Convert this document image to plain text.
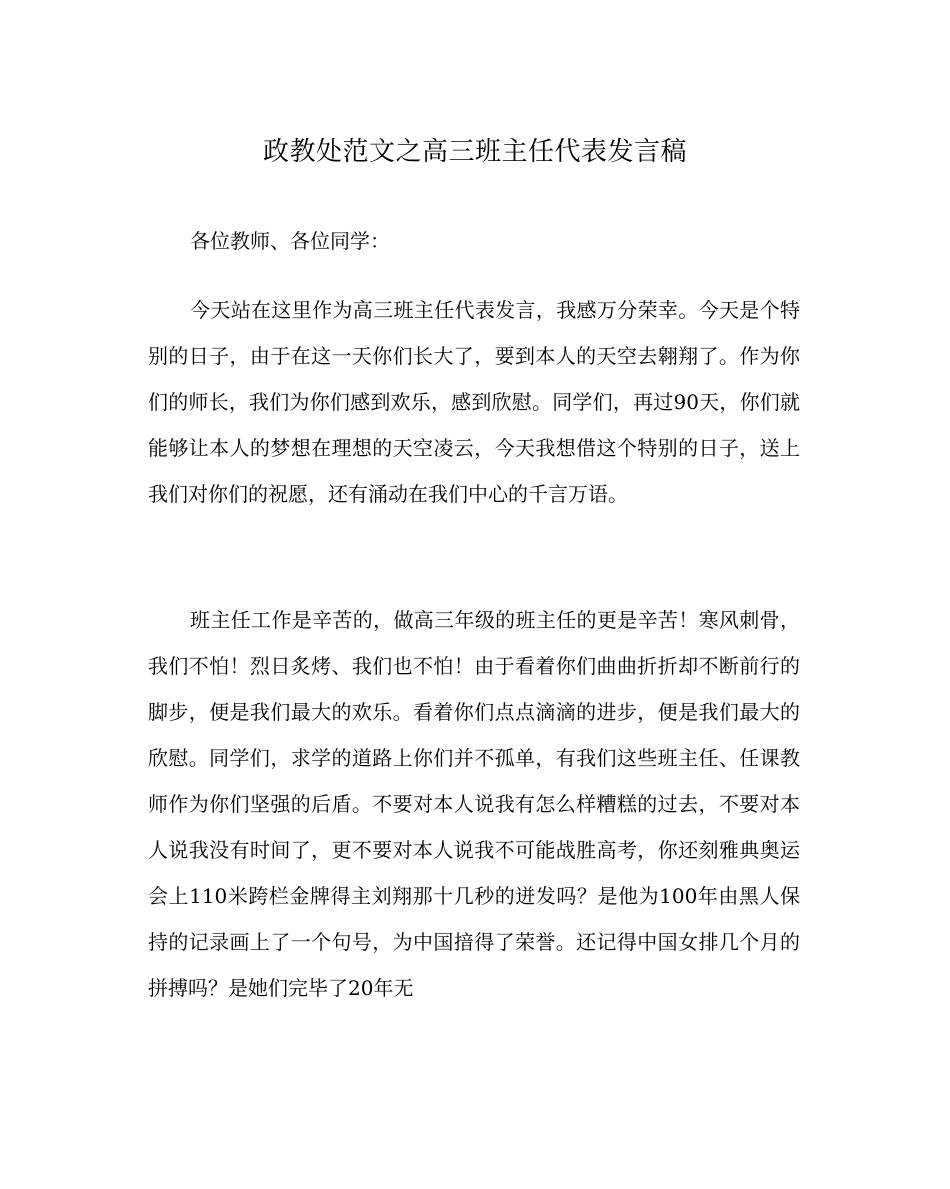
政教处范文之高三班主任代表发言稿

各位教师、各位同学：

今天站在这里作为高三班主任代表发言，我感万分荣幸。今天是个特别的日子，由于在这一天你们长大了，要到本人的天空去翱翔了。作为你们的师长，我们为你们感到欢乐，感到欣慰。同学们，再过90天，你们就能够让本人的梦想在理想的天空凌云，今天我想借这个特别的日子，送上我们对你们的祝愿，还有涌动在我们中心的千言万语。

班主任工作是辛苦的，做高三年级的班主任的更是辛苦！寒风刺骨，我们不怕！烈日炙烤、我们也不怕！由于看着你们曲曲折折却不断前行的脚步，便是我们最大的欢乐。看着你们点点滴滴的进步，便是我们最大的欣慰。同学们，求学的道路上你们并不孤单，有我们这些班主任、任课教师作为你们坚强的后盾。不要对本人说我有怎么样糟糕的过去，不要对本人说我没有时间了，更不要对本人说我不可能战胜高考，你还刻雅典奥运会上110米跨栏金牌得主刘翔那十几秒的迸发吗？是他为100年由黑人保持的记录画上了一个句号，为中国揞得了荣誉。还记得中国女排几个月的拼搏吗？是她们完毕了20年无
